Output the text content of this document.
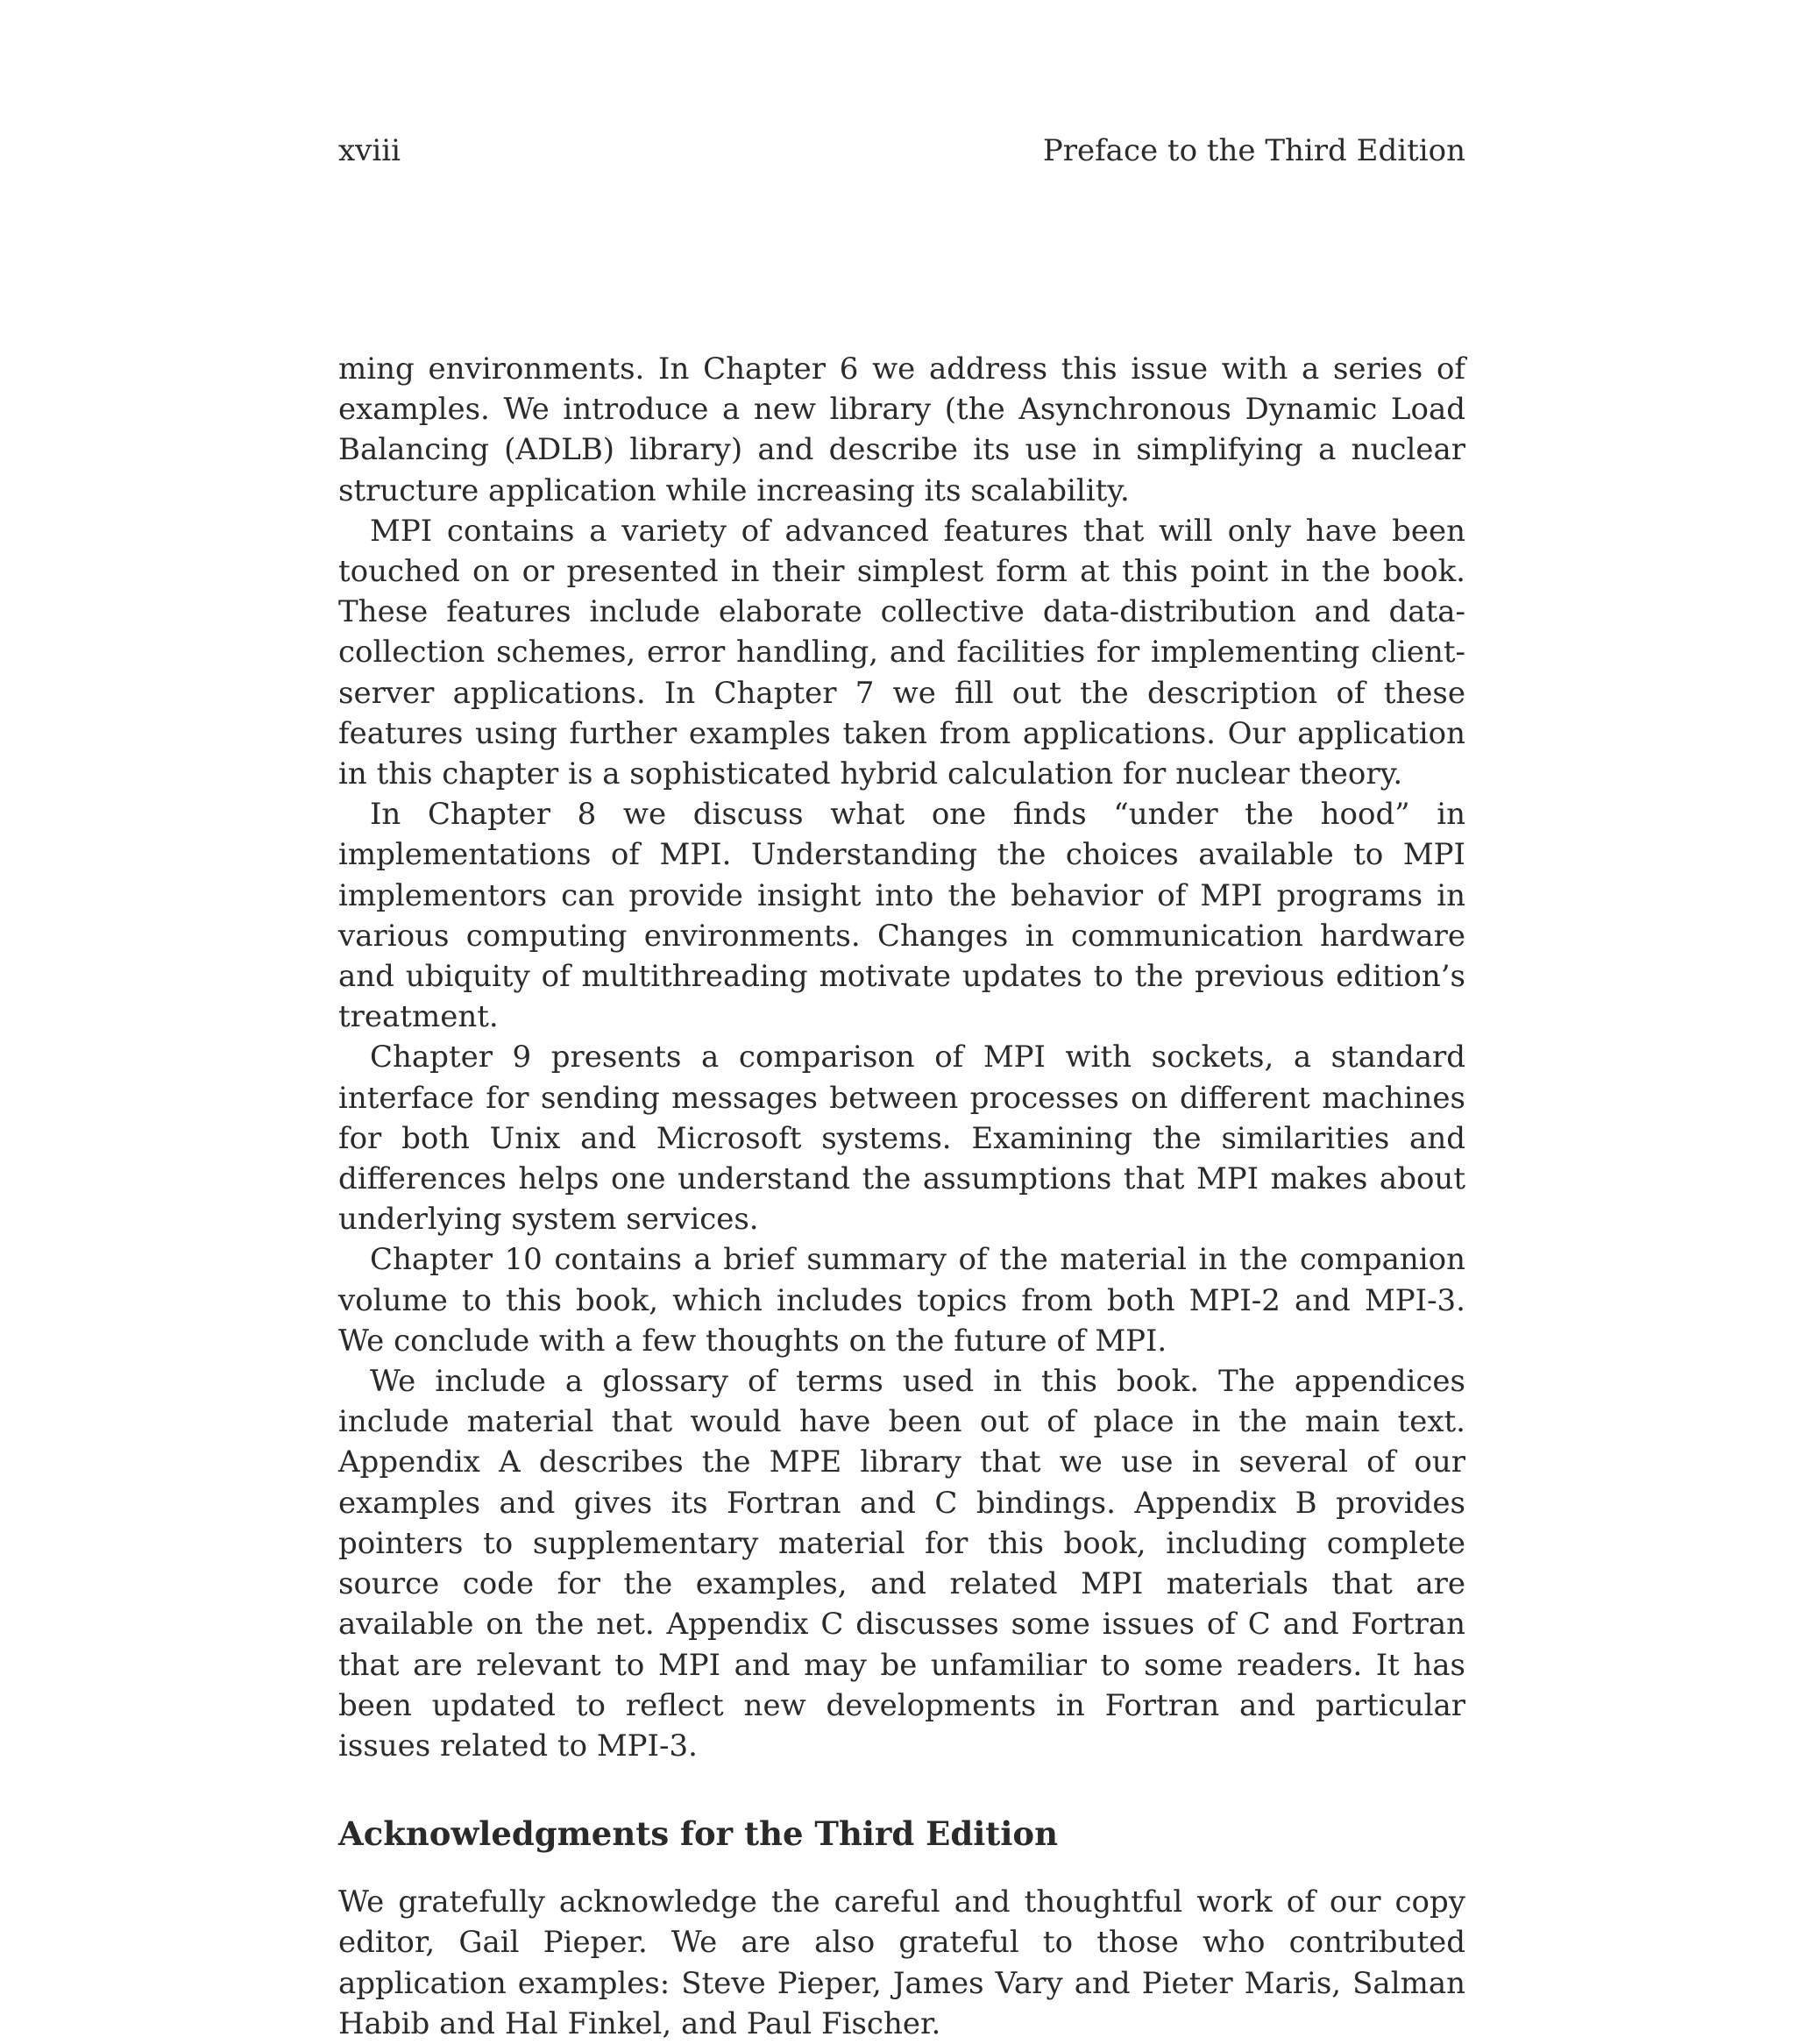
xviii	Preface to the Third Edition

ming environments. In Chapter 6 we address this issue with a series of examples. We introduce a new library (the Asynchronous Dynamic Load Balancing (ADLB) library) and describe its use in simplifying a nuclear structure application while increasing its scalability.

MPI contains a variety of advanced features that will only have been touched on or presented in their simplest form at this point in the book. These features include elaborate collective data-distribution and data-collection schemes, error handling, and facilities for implementing client-server applications. In Chapter 7 we fill out the description of these features using further examples taken from applications. Our application in this chapter is a sophisticated hybrid calculation for nuclear theory.

In Chapter 8 we discuss what one finds “under the hood” in implementations of MPI. Understanding the choices available to MPI implementors can provide insight into the behavior of MPI programs in various computing environments. Changes in communication hardware and ubiquity of multithreading motivate updates to the previous edition’s treatment.

Chapter 9 presents a comparison of MPI with sockets, a standard interface for sending messages between processes on different machines for both Unix and Microsoft systems. Examining the similarities and differences helps one understand the assumptions that MPI makes about underlying system services.

Chapter 10 contains a brief summary of the material in the companion volume to this book, which includes topics from both MPI-2 and MPI-3. We conclude with a few thoughts on the future of MPI.

We include a glossary of terms used in this book. The appendices include material that would have been out of place in the main text. Appendix A describes the MPE library that we use in several of our examples and gives its Fortran and C bindings. Appendix B provides pointers to supplementary material for this book, including complete source code for the examples, and related MPI materials that are available on the net. Appendix C discusses some issues of C and Fortran that are relevant to MPI and may be unfamiliar to some readers. It has been updated to reflect new developments in Fortran and particular issues related to MPI-3.

Acknowledgments for the Third Edition

We gratefully acknowledge the careful and thoughtful work of our copy editor, Gail Pieper. We are also grateful to those who contributed application examples: Steve Pieper, James Vary and Pieter Maris, Salman Habib and Hal Finkel, and Paul Fischer.
